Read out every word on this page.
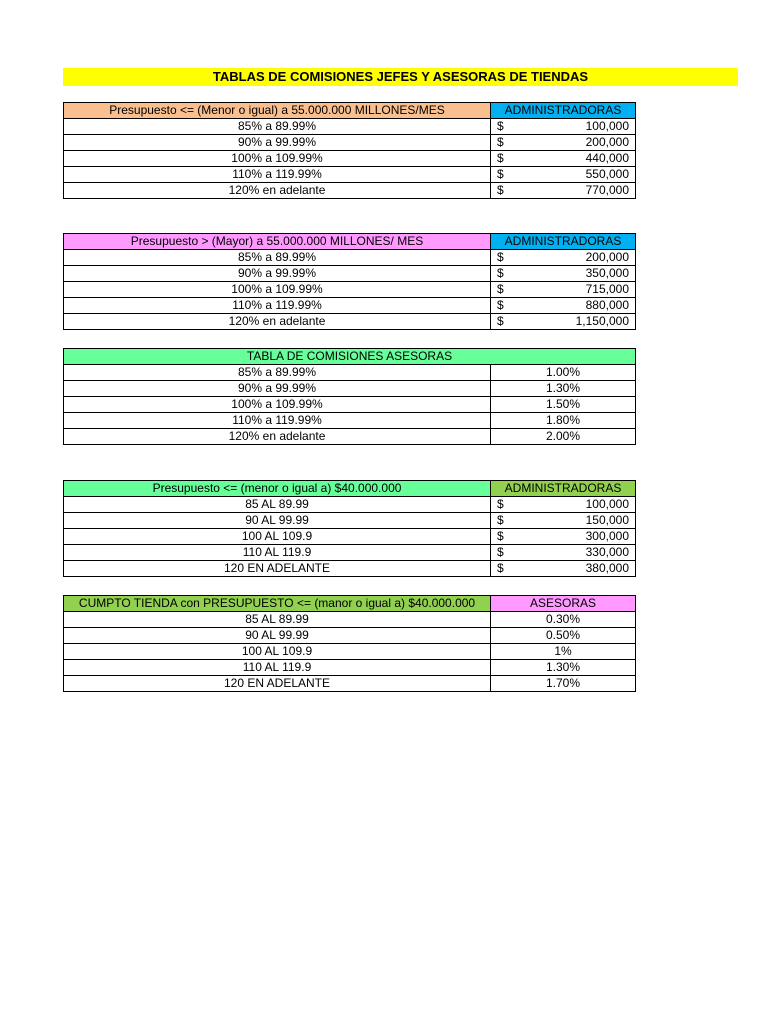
TABLAS DE COMISIONES JEFES Y ASESORAS DE TIENDAS
Presupuesto <= (Menor o igual) a 55.000.000 MILLONES/MES	ADMINISTRADORAS
85% a 89.99%	$ 100,000

90% a 99.99%	$ 200,000

100% a 109.99%	$ 440,000

110% a 119.99%	$ 550,000

120% en adelante	$ 770,000
Presupuesto > (Mayor) a 55.000.000 MILLONES/ MES	ADMINISTRADORAS
85% a 89.99%	$ 200,000

90% a 99.99%	$ 350,000

100% a 109.99%	$ 715,000

110% a 119.99%	$ 880,000

120% en adelante	$ 1,150,000
TABLA DE COMISIONES ASESORAS	
85% a 89.99%	1.00%
90% a 99.99%	1.30%
100% a 109.99%	1.50%
110% a 119.99%	1.80%
120% en adelante	2.00%
Presupuesto <= (menor o igual a) $40.000.000	ADMINISTRADORAS
85 AL 89.99	$ 100,000

90 AL 99.99	$ 150,000

100 AL 109.9	$ 300,000

110 AL 119.9	$ 330,000

120 EN ADELANTE	$ 380,000
CUMPTO TIENDA con PRESUPUESTO <= (manor o igual a) $40.000.000	ASESORAS
85 AL 89.99	0.30%
90 AL 99.99	0.50%
100 AL 109.9	1%
110 AL 119.9	1.30%
120 EN ADELANTE	1.70%
